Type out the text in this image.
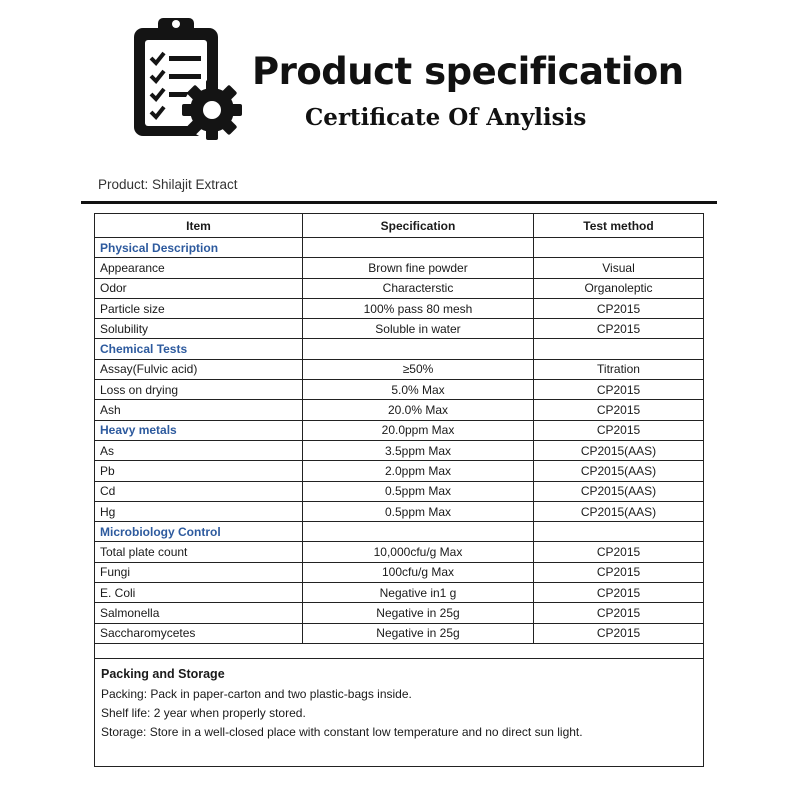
Product specification
Certificate Of Anylisis
Product: Shilajit Extract
Item	Specification	Test method
Physical Description		
Appearance	Brown fine powder	Visual
Odor	Characterstic	Organoleptic
Particle size	100% pass 80 mesh	CP2015
Solubility	Soluble in water	CP2015
Chemical Tests		
Assay(Fulvic acid)	≥50%	Titration
Loss on drying	5.0% Max	CP2015
Ash	20.0% Max	CP2015
Heavy metals	20.0ppm Max	CP2015
As	3.5ppm Max	CP2015(AAS)
Pb	2.0ppm Max	CP2015(AAS)
Cd	0.5ppm Max	CP2015(AAS)
Hg	0.5ppm Max	CP2015(AAS)
Microbiology Control		
Total plate count	10,000cfu/g Max	CP2015
Fungi	100cfu/g Max	CP2015
E. Coli	Negative in1 g	CP2015
Salmonella	Negative in 25g	CP2015
Saccharomycetes	Negative in 25g	CP2015

Packing and Storage
Packing: Pack in paper-carton and two plastic-bags inside.
Shelf life: 2 year when properly stored.
Storage: Store in a well-closed place with constant low temperature and no direct sun light.		
